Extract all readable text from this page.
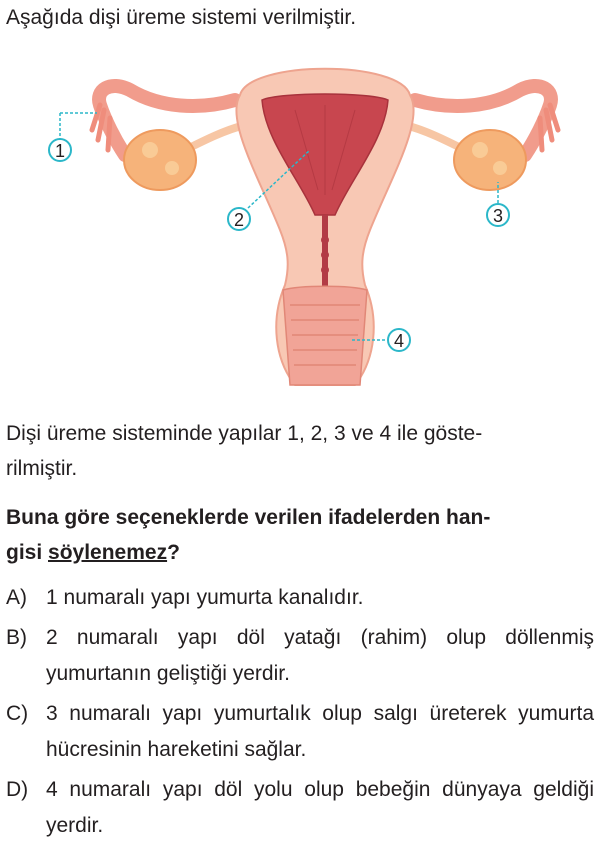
Aşağıda dişi üreme sistemi verilmiştir.

1
2	3
4

Dişi üreme sisteminde yapılar 1, 2, 3 ve 4 ile göste-
rilmiştir.

Buna göre seçeneklerde verilen ifadelerden han-
gisi söylenemez?

A) 1 numaralı yapı yumurta kanalıdır.
B) 2 numaralı yapı döl yatağı (rahim) olup döllenmiş yumurtanın geliştiği yerdir.
C) 3 numaralı yapı yumurtalık olup salgı üreterek yumurta hücresinin hareketini sağlar.
D) 4 numaralı yapı döl yolu olup bebeğin dünyaya geldiği yerdir.
